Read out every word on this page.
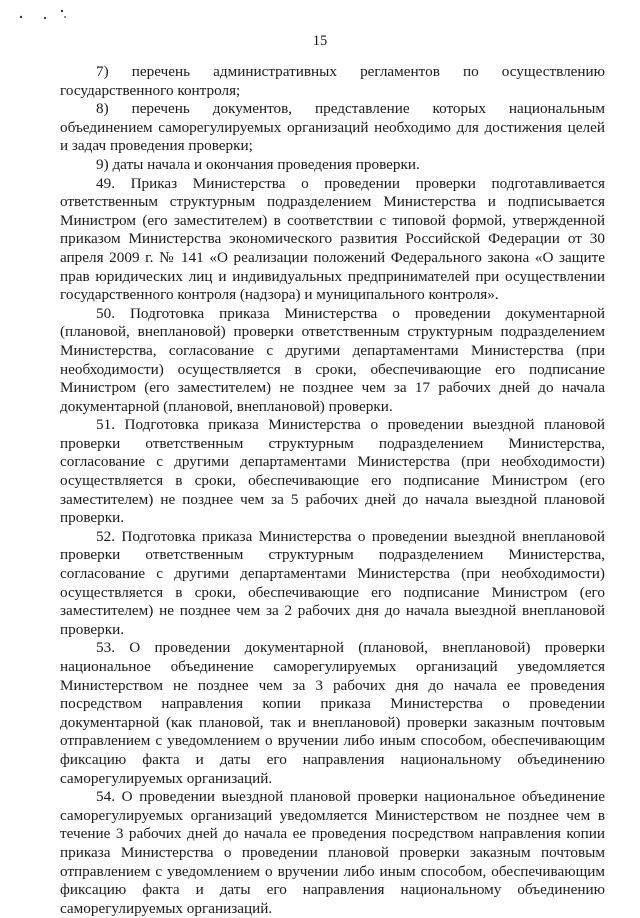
15

7) перечень административных регламентов по осуществлению государственного контроля;

8) перечень документов, представление которых национальным объединением саморегулируемых организаций необходимо для достижения целей и задач проведения проверки;

9) даты начала и окончания проведения проверки.

49. Приказ Министерства о проведении проверки подготавливается ответственным структурным подразделением Министерства и подписывается Министром (его заместителем) в соответствии с типовой формой, утвержденной приказом Министерства экономического развития Российской Федерации от 30 апреля 2009 г. № 141 «О реализации положений Федерального закона «О защите прав юридических лиц и индивидуальных предпринимателей при осуществлении государственного контроля (надзора) и муниципального контроля».

50. Подготовка приказа Министерства о проведении документарной (плановой, внеплановой) проверки ответственным структурным подразделением Министерства, согласование с другими департаментами Министерства (при необходимости) осуществляется в сроки, обеспечивающие его подписание Министром (его заместителем) не позднее чем за 17 рабочих дней до начала документарной (плановой, внеплановой) проверки.

51. Подготовка приказа Министерства о проведении выездной плановой проверки ответственным структурным подразделением Министерства, согласование с другими департаментами Министерства (при необходимости) осуществляется в сроки, обеспечивающие его подписание Министром (его заместителем) не позднее чем за 5 рабочих дней до начала выездной плановой проверки.

52. Подготовка приказа Министерства о проведении выездной внеплановой проверки ответственным структурным подразделением Министерства, согласование с другими департаментами Министерства (при необходимости) осуществляется в сроки, обеспечивающие его подписание Министром (его заместителем) не позднее чем за 2 рабочих дня до начала выездной внеплановой проверки.

53. О проведении документарной (плановой, внеплановой) проверки национальное объединение саморегулируемых организаций уведомляется Министерством не позднее чем за 3 рабочих дня до начала ее проведения посредством направления копии приказа Министерства о проведении документарной (как плановой, так и внеплановой) проверки заказным почтовым отправлением с уведомлением о вручении либо иным способом, обеспечивающим фиксацию факта и даты его направления национальному объединению саморегулируемых организаций.

54. О проведении выездной плановой проверки национальное объединение саморегулируемых организаций уведомляется Министерством не позднее чем в течение 3 рабочих дней до начала ее проведения посредством направления копии приказа Министерства о проведении плановой проверки заказным почтовым отправлением с уведомлением о вручении либо иным способом, обеспечивающим фиксацию факта и даты его направления национальному объединению саморегулируемых организаций.
